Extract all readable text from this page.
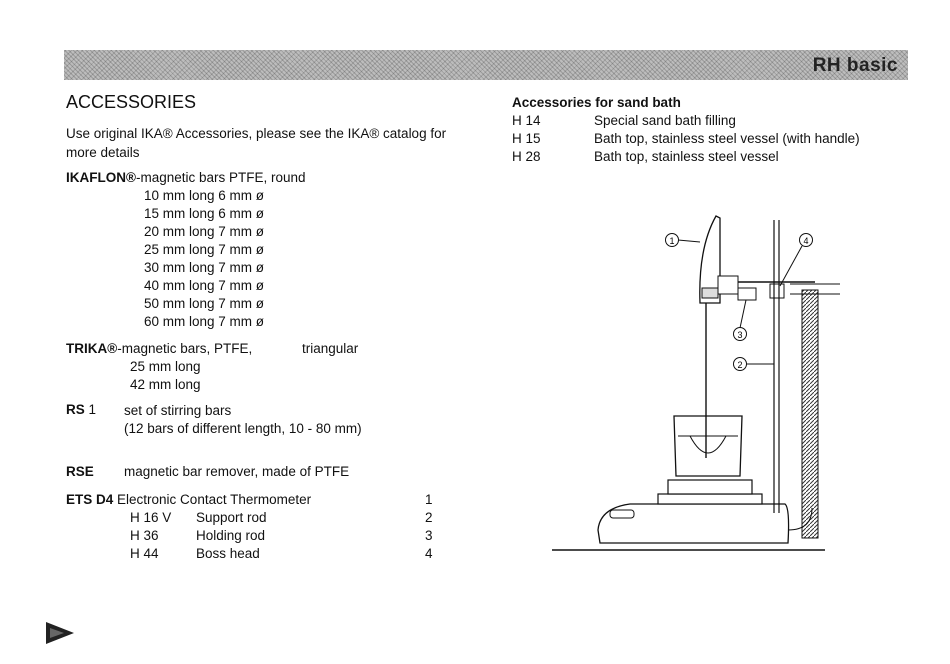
RH basic
ACCESSORIES
Use original IKA® Accessories, please see the IKA® catalog for
more details
IKAFLON®-magnetic bars PTFE, round
10 mm long 6 mm ø
15 mm long 6 mm ø
20 mm long 7 mm ø
25 mm long 7 mm ø
30 mm long 7 mm ø
40 mm long 7 mm ø
50 mm long 7 mm ø
60 mm long 7 mm ø
TRIKA®-magnetic bars, PTFE,	triangular
25 mm long
42 mm long
RS 1 set of stirring bars
(12 bars of different length, 10 - 80 mm)
RSE magnetic bar remover, made of PTFE
ETS D4 Electronic Contact Thermometer	1
H 16 V Support rod	2
H 36	Holding rod	3
H 44	Boss head	4
Accessories for sand bath
H 14	Special sand bath filling
H 15	Bath top, stainless steel vessel (with handle)
H 28	Bath top, stainless steel vessel
1
2
3
4
